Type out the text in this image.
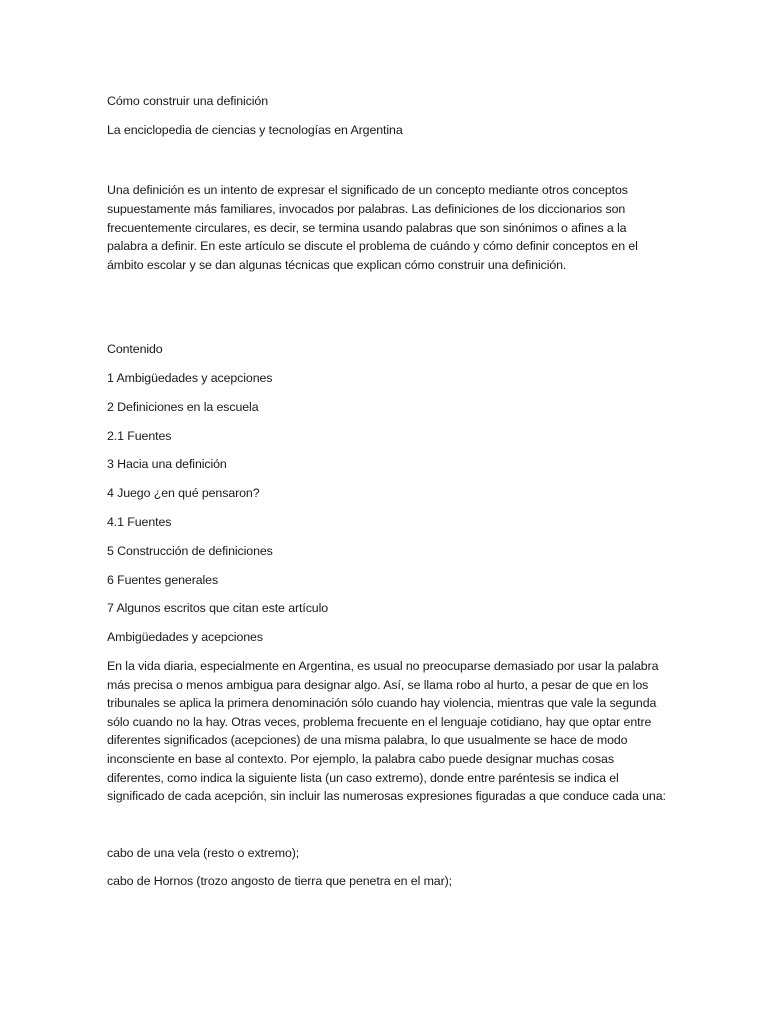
Cómo construir una definición

La enciclopedia de ciencias y tecnologías en Argentina

Una definición es un intento de expresar el significado de un concepto mediante otros conceptos supuestamente más familiares, invocados por palabras. Las definiciones de los diccionarios son frecuentemente circulares, es decir, se termina usando palabras que son sinónimos o afines a la palabra a definir. En este artículo se discute el problema de cuándo y cómo definir conceptos en el ámbito escolar y se dan algunas técnicas que explican cómo construir una definición.

Contenido

1 Ambigüedades y acepciones

2 Definiciones en la escuela

2.1 Fuentes

3 Hacia una definición

4 Juego ¿en qué pensaron?

4.1 Fuentes

5 Construcción de definiciones

6 Fuentes generales

7 Algunos escritos que citan este artículo

Ambigüedades y acepciones

En la vida diaria, especialmente en Argentina, es usual no preocuparse demasiado por usar la palabra más precisa o menos ambigua para designar algo. Así, se llama robo al hurto, a pesar de que en los tribunales se aplica la primera denominación sólo cuando hay violencia, mientras que vale la segunda sólo cuando no la hay. Otras veces, problema frecuente en el lenguaje cotidiano, hay que optar entre diferentes significados (acepciones) de una misma palabra, lo que usualmente se hace de modo inconsciente en base al contexto. Por ejemplo, la palabra cabo puede designar muchas cosas diferentes, como indica la siguiente lista (un caso extremo), donde entre paréntesis se indica el significado de cada acepción, sin incluir las numerosas expresiones figuradas a que conduce cada una:

cabo de una vela (resto o extremo);

cabo de Hornos (trozo angosto de tierra que penetra en el mar);
